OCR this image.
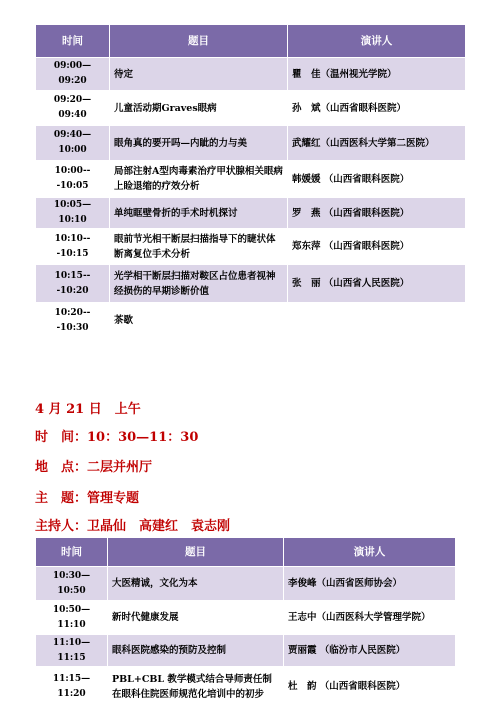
时间	题目	演讲人
09:00—09:20	待定	瞿　佳（温州视光学院）
09:20—09:40	儿童活动期Graves眼病	孙　斌（山西省眼科医院）
09:40—10:00	眼角真的要开吗—内眦的力与美	武耀红（山西医科大学第二医院）
10:00---10:05	局部注射A型肉毒素治疗甲状腺相关眼病上睑退缩的疗效分析	韩媛媛 （山西省眼科医院）
10:05—10:10	单纯眶壁骨折的手术时机探讨	罗　燕 （山西省眼科医院）
10:10---10:15	眼前节光相干断层扫描指导下的睫状体断离复位手术分析	郑东萍 （山西省眼科医院）
10:15---10:20	光学相干断层扫描对鞍区占位患者视神经损伤的早期诊断价值	张　丽 （山西省人民医院）
10:20---10:30	茶歇	
4 月 21 日　上午
时　间：10：30—11：30
地　点：二层并州厅
主　题：管理专题
主持人：卫晶仙　高建红　袁志刚
时间	题目	演讲人
10:30—10:50	大医精诚，文化为本	李俊峰（山西省医师协会）
10:50—11:10	新时代健康发展	王志中（山西医科大学管理学院）
11:10—11:15	眼科医院感染的预防及控制	贾丽霞 （临汾市人民医院）
11:15—11:20	PBL+CBL 教学模式结合导师责任制在眼科住院医师规范化培训中的初步	杜　韵 （山西省眼科医院）
